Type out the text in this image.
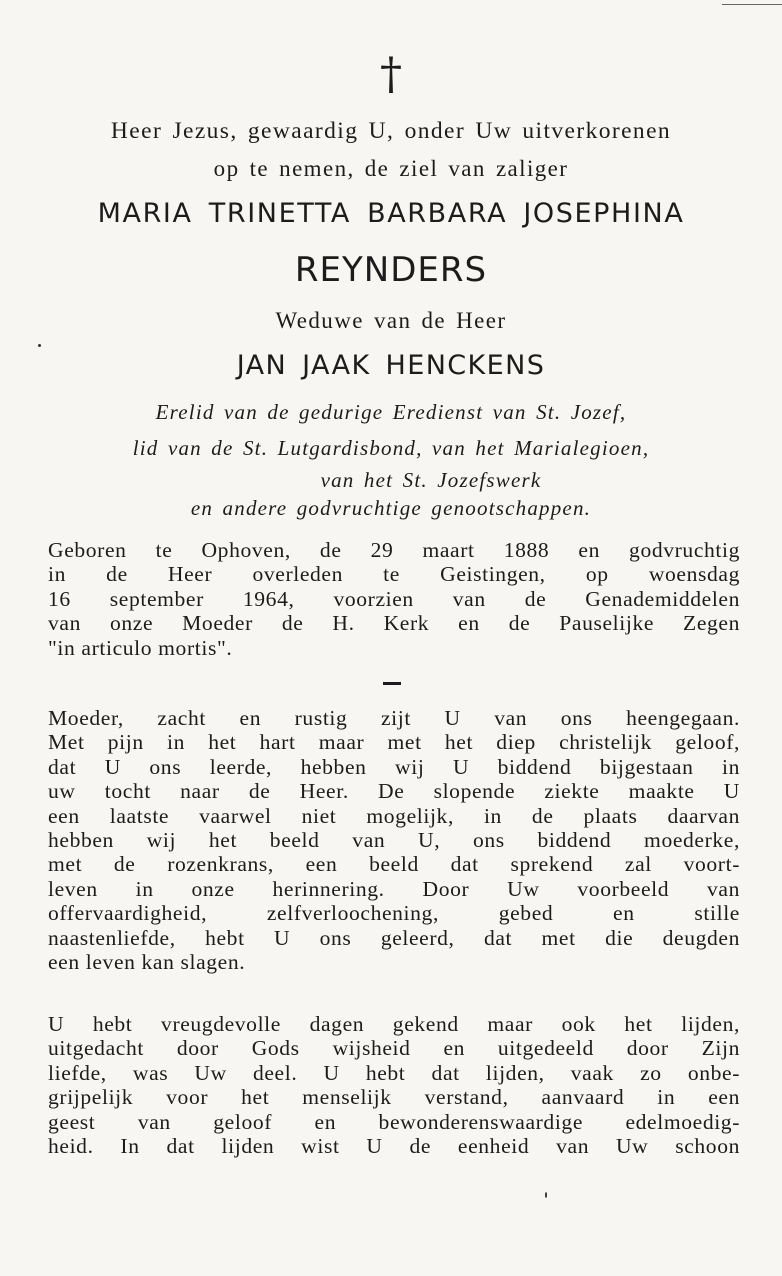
†
Heer Jezus, gewaardig U, onder Uw uitverkorenen
op te nemen, de ziel van zaliger
MARIA TRINETTA BARBARA JOSEPHINA
REYNDERS
Weduwe van de Heer
JAN JAAK HENCKENS
Erelid van de gedurige Eredienst van St. Jozef,
lid van de St. Lutgardisbond, van het Marialegioen,
van het St. Jozefswerk
en andere godvruchtige genootschappen.
Geboren te Ophoven, de 29 maart 1888 en godvruchtig
in de Heer overleden te Geistingen, op woensdag
16 september 1964, voorzien van de Genademiddelen
van onze Moeder de H. Kerk en de Pauselijke Zegen
"in articulo mortis".
Moeder, zacht en rustig zijt U van ons heengegaan.
Met pijn in het hart maar met het diep christelijk geloof,
dat U ons leerde, hebben wij U biddend bijgestaan in
uw tocht naar de Heer. De slopende ziekte maakte U
een laatste vaarwel niet mogelijk, in de plaats daarvan
hebben wij het beeld van U, ons biddend moederke,
met de rozenkrans, een beeld dat sprekend zal voort-
leven in onze herinnering. Door Uw voorbeeld van
offervaardigheid, zelfverloochening, gebed en stille
naastenliefde, hebt U ons geleerd, dat met die deugden
een leven kan slagen.
U hebt vreugdevolle dagen gekend maar ook het lijden,
uitgedacht door Gods wijsheid en uitgedeeld door Zijn
liefde, was Uw deel. U hebt dat lijden, vaak zo onbe-
grijpelijk voor het menselijk verstand, aanvaard in een
geest van geloof en bewonderenswaardige edelmoedig-
heid. In dat lijden wist U de eenheid van Uw schoon
